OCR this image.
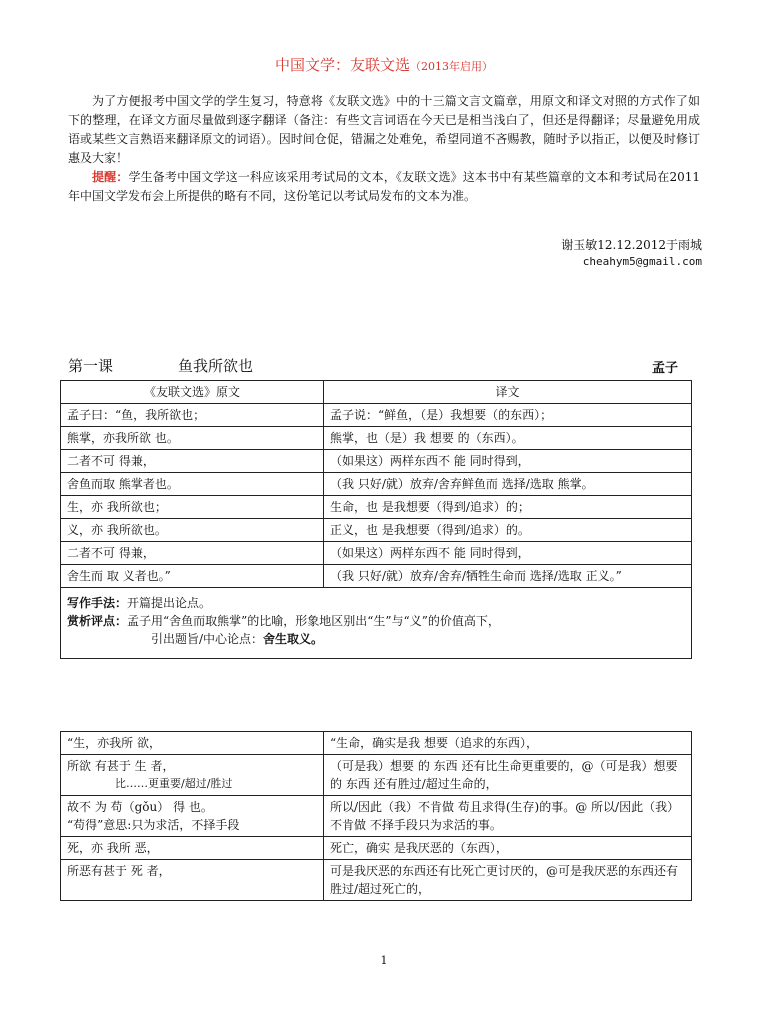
中国文学：友联文选（2013年启用）
为了方便报考中国文学的学生复习，特意将《友联文选》中的十三篇文言文篇章，用原文和译文对照的方式作了如下的整理，在译文方面尽量做到逐字翻译（备注：有些文言词语在今天已是相当浅白了，但还是得翻译；尽量避免用成语或某些文言熟语来翻译原文的词语）。因时间仓促，错漏之处难免，希望同道不吝赐教，随时予以指正，以便及时修订惠及大家！
提醒：学生备考中国文学这一科应该采用考试局的文本，《友联文选》这本书中有某些篇章的文本和考试局在2011年中国文学发布会上所提供的略有不同，这份笔记以考试局发布的文本为准。
谢玉敏12.12.2012于雨城
cheahym5@gmail.com
第一课	鱼我所欲也	孟子
《友联文选》原文	译文
孟子曰：“鱼，我所欲也；	孟子说：“鲜鱼，（是）我想要（的东西）；
熊掌，亦我所欲 也。	熊掌，也（是）我 想要 的（东西）。
二者不可 得兼，	（如果这）两样东西不 能 同时得到，
舍鱼而取 熊掌者也。	（我 只好/就）放弃/舍弃鲜鱼而 选择/选取 熊掌。
生，亦 我所欲也；	生命，也 是我想要（得到/追求）的；
义，亦 我所欲也。	正义，也 是我想要（得到/追求）的。
二者不可 得兼，	（如果这）两样东西不 能 同时得到，
舍生而 取 义者也。”	（我 只好/就）放弃/舍弃/牺牲生命而 选择/选取 正义。”

写作手法：开篇提出论点。
赏析评点：孟子用“舍鱼而取熊掌”的比喻，形象地区别出“生”与“义”的价值高下，
引出题旨/中心论点：舍生取义。	
“生，亦我所 欲，	“生命，确实是我 想要（追求的东西），

所欲 有甚于 生 者，
比……更重要/超过/胜过	（可是我）想要 的 东西 还有比生命更重要的，@（可是我）想要 的 东西 还有胜过/超过生命的，

故不 为 苟（gǒu） 得 也。
“苟得”意思:只为求活，不择手段	所以/因此（我）不肯做 苟且求得(生存)的事。@ 所以/因此（我）不肯做 不择手段只为求活的事。
死，亦 我所 恶，	死亡，确实 是我厌恶的（东西），
所恶有甚于 死 者，	可是我厌恶的东西还有比死亡更讨厌的，@可是我厌恶的东西还有胜过/超过死亡的，
1
